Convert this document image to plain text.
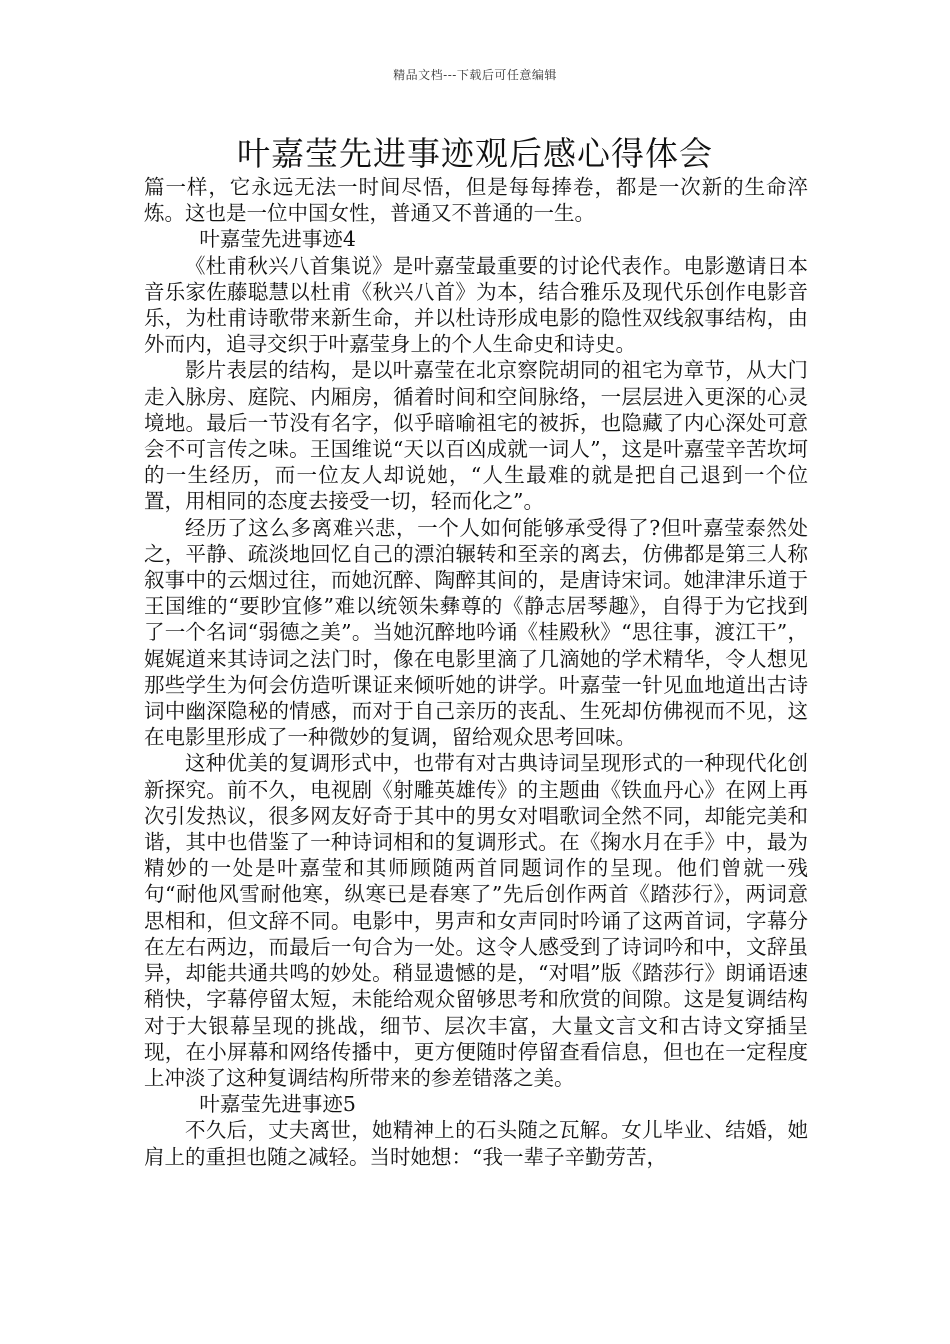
精品文档---下载后可任意编辑
叶嘉莹先进事迹观后感心得体会

篇一样，它永远无法一时间尽悟，但是每每捧卷，都是一次新的生命淬炼。这也是一位中国女性，普通又不普通的一生。

叶嘉莹先进事迹4

《杜甫秋兴八首集说》是叶嘉莹最重要的讨论代表作。电影邀请日本音乐家佐藤聪慧以杜甫《秋兴八首》为本，结合雅乐及现代乐创作电影音乐，为杜甫诗歌带来新生命，并以杜诗形成电影的隐性双线叙事结构，由外而内，追寻交织于叶嘉莹身上的个人生命史和诗史。

影片表层的结构，是以叶嘉莹在北京察院胡同的祖宅为章节，从大门走入脉房、庭院、内厢房，循着时间和空间脉络，一层层进入更深的心灵境地。最后一节没有名字，似乎暗喻祖宅的被拆，也隐藏了内心深处可意会不可言传之味。王国维说“天以百凶成就一词人”，这是叶嘉莹辛苦坎坷的一生经历，而一位友人却说她，“人生最难的就是把自己退到一个位置，用相同的态度去接受一切，轻而化之”。

经历了这么多离难兴悲，一个人如何能够承受得了?但叶嘉莹泰然处之，平静、疏淡地回忆自己的漂泊辗转和至亲的离去，仿佛都是第三人称叙事中的云烟过往，而她沉醉、陶醉其间的，是唐诗宋词。她津津乐道于王国维的“要眇宜修”难以统领朱彝尊的《静志居琴趣》，自得于为它找到了一个名词“弱德之美”。当她沉醉地吟诵《桂殿秋》“思往事，渡江干”，娓娓道来其诗词之法门时，像在电影里滴了几滴她的学术精华，令人想见那些学生为何会仿造听课证来倾听她的讲学。叶嘉莹一针见血地道出古诗词中幽深隐秘的情感，而对于自己亲历的丧乱、生死却仿佛视而不见，这在电影里形成了一种微妙的复调，留给观众思考回味。

这种优美的复调形式中，也带有对古典诗词呈现形式的一种现代化创新探究。前不久，电视剧《射雕英雄传》的主题曲《铁血丹心》在网上再次引发热议，很多网友好奇于其中的男女对唱歌词全然不同，却能完美和谐，其中也借鉴了一种诗词相和的复调形式。在《掬水月在手》中，最为精妙的一处是叶嘉莹和其师顾随两首同题词作的呈现。他们曾就一残句“耐他风雪耐他寒，纵寒已是春寒了”先后创作两首《踏莎行》，两词意思相和，但文辞不同。电影中，男声和女声同时吟诵了这两首词，字幕分在左右两边，而最后一句合为一处。这令人感受到了诗词吟和中，文辞虽异，却能共通共鸣的妙处。稍显遗憾的是，“对唱”版《踏莎行》朗诵语速稍快，字幕停留太短，未能给观众留够思考和欣赏的间隙。这是复调结构对于大银幕呈现的挑战，细节、层次丰富，大量文言文和古诗文穿插呈现，在小屏幕和网络传播中，更方便随时停留查看信息，但也在一定程度上冲淡了这种复调结构所带来的参差错落之美。

叶嘉莹先进事迹5

不久后，丈夫离世，她精神上的石头随之瓦解。女儿毕业、结婚，她肩上的重担也随之减轻。当时她想：“我一辈子辛勤劳苦，
